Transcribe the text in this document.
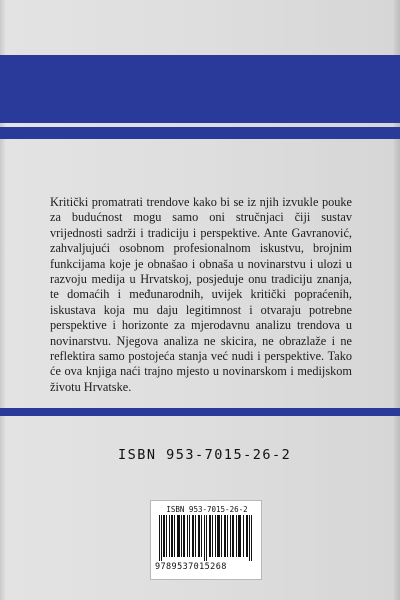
Kritički promatrati trendove kako bi se iz njih izvukle pouke za budućnost mogu samo oni stručnjaci čiji sustav vrijednosti sadrži i tradiciju i perspektive. Ante Gavranović, zahvaljujući osobnom profesionalnom iskustvu, brojnim funkcijama koje je obnašao i obnaša u novinarstvu i ulozi u razvoju medija u Hrvatskoj, posjeduje onu tradiciju znanja, te domaćih i međunarodnih, uvijek kritički popraćenih, iskustava koja mu daju legitimnost i otvaraju potrebne perspektive i horizonte za mjerodavnu analizu trendova u novinarstvu. Njegova analiza ne skicira, ne obrazlaže i ne reflektira samo postojeća stanja već nudi i perspektive. Tako će ova knjiga naći trajno mjesto u novinarskom i medijskom životu Hrvatske.

ISBN 953-7015-26-2
ISBN 953-7015-26-2
9789537015268
